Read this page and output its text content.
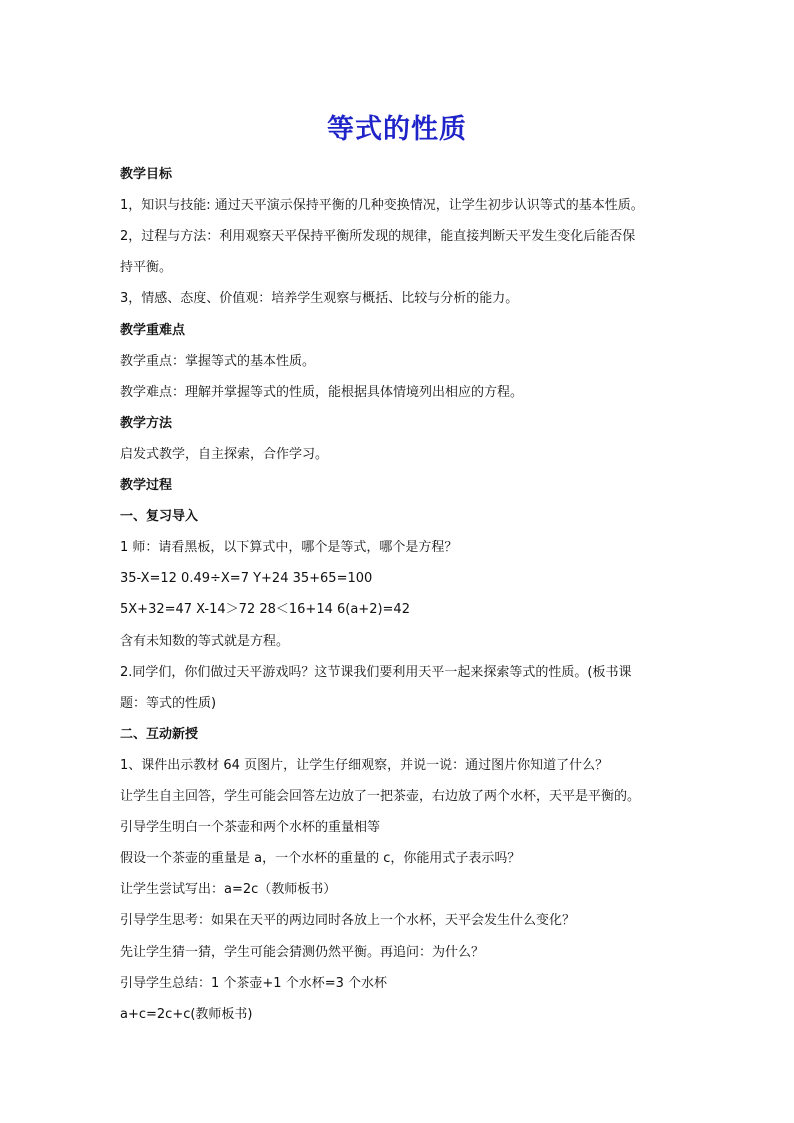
等式的性质
教学目标
1，知识与技能: 通过天平演示保持平衡的几种变换情况，让学生初步认识等式的基本性质。
2，过程与方法：利用观察天平保持平衡所发现的规律，能直接判断天平发生变化后能否保
持平衡。
3，情感、态度、价值观：培养学生观察与概括、比较与分析的能力。
教学重难点
教学重点：掌握等式的基本性质。
教学难点：理解并掌握等式的性质，能根据具体情境列出相应的方程。
教学方法
启发式教学，自主探索，合作学习。
教学过程
一、复习导入
1 师：请看黑板，以下算式中，哪个是等式，哪个是方程？
35-X=12 0.49÷X=7 Y+24 35+65=100
5X+32=47 X-14＞72 28＜16+14 6(a+2)=42
含有未知数的等式就是方程。
2.同学们，你们做过天平游戏吗？这节课我们要利用天平一起来探索等式的性质。(板书课
题：等式的性质)
二、互动新授
1、课件出示教材 64 页图片，让学生仔细观察，并说一说：通过图片你知道了什么？
让学生自主回答，学生可能会回答左边放了一把茶壶，右边放了两个水杯，天平是平衡的。
引导学生明白一个茶壶和两个水杯的重量相等
假设一个茶壶的重量是 a，一个水杯的重量的 c，你能用式子表示吗？
让学生尝试写出：a=2c（教师板书）
引导学生思考：如果在天平的两边同时各放上一个水杯，天平会发生什么变化？
先让学生猜一猜，学生可能会猜测仍然平衡。再追问：为什么？
引导学生总结：1 个茶壶+1 个水杯=3 个水杯
a+c=2c+c(教师板书)
